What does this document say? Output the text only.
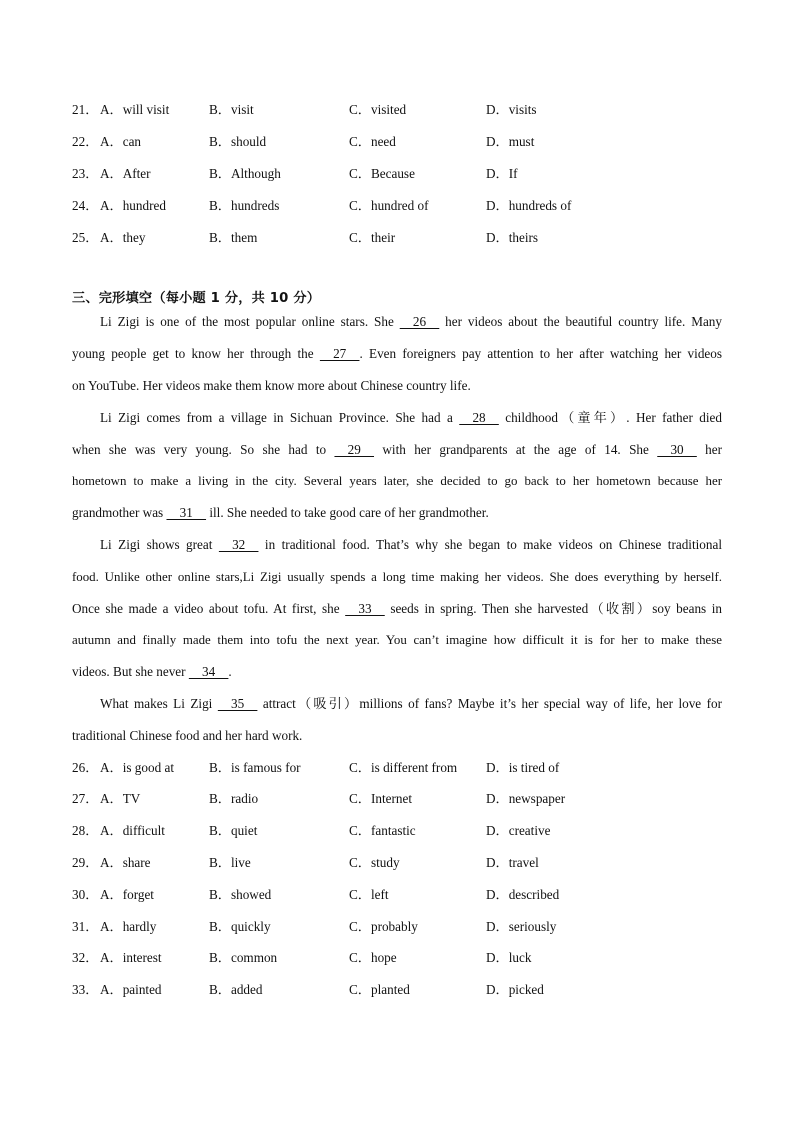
21． A．will visit	B．visit	C．visited	D．visits
22． A．can	B．should	C．need	D．must
23． A．After	B．Although	C．Because	D．If
24． A．hundred	B．hundreds	C．hundred of	D．hundreds of
25． A．they	B．them	C．their	D．theirs
三、完形填空（每小题 1 分，共 10 分）
Li Zigi is one of the most popular online stars. She     26     her videos about the beautiful country life. Many
young people get to know her through the     27    . Even foreigners pay attention to her after watching her videos
on YouTube. Her videos make them know more about Chinese country life.
Li Zigi comes from a village in Sichuan Province. She had a     28     childhood（童年）. Her father died
when she was very young. So she had to     29     with her grandparents at the age of 14. She     30     her
hometown to make a living in the city. Several years later, she decided to go back to her hometown because her
grandmother was     31     ill. She needed to take good care of her grandmother.
Li Zigi shows great     32     in traditional food. That’s why she began to make videos on Chinese traditional
food. Unlike other online stars,Li Zigi usually spends a long time making her videos. She does everything by herself.
Once she made a video about tofu. At first, she     33     seeds in spring. Then she harvested（收割）soy beans in
autumn and finally made them into tofu the next year. You can’t imagine how difficult it is for her to make these
videos. But she never     34    .
What makes Li Zigi     35     attract（吸引）millions of fans? Maybe it’s her special way of life, her love for
traditional Chinese food and her hard work.
26． A．is good at	B．is famous for	C．is different from D．is tired of
27． A．TV	B．radio	C．Internet	D．newspaper
28． A．difficult	B．quiet	C．fantastic	D．creative
29． A．share	B．live	C．study	D．travel
30． A．forget	B．showed	C．left	D．described
31． A．hardly	B．quickly	C．probably	D．seriously
32． A．interest	B．common	C．hope	D．luck
33． A．painted	B．added	C．planted	D．picked
